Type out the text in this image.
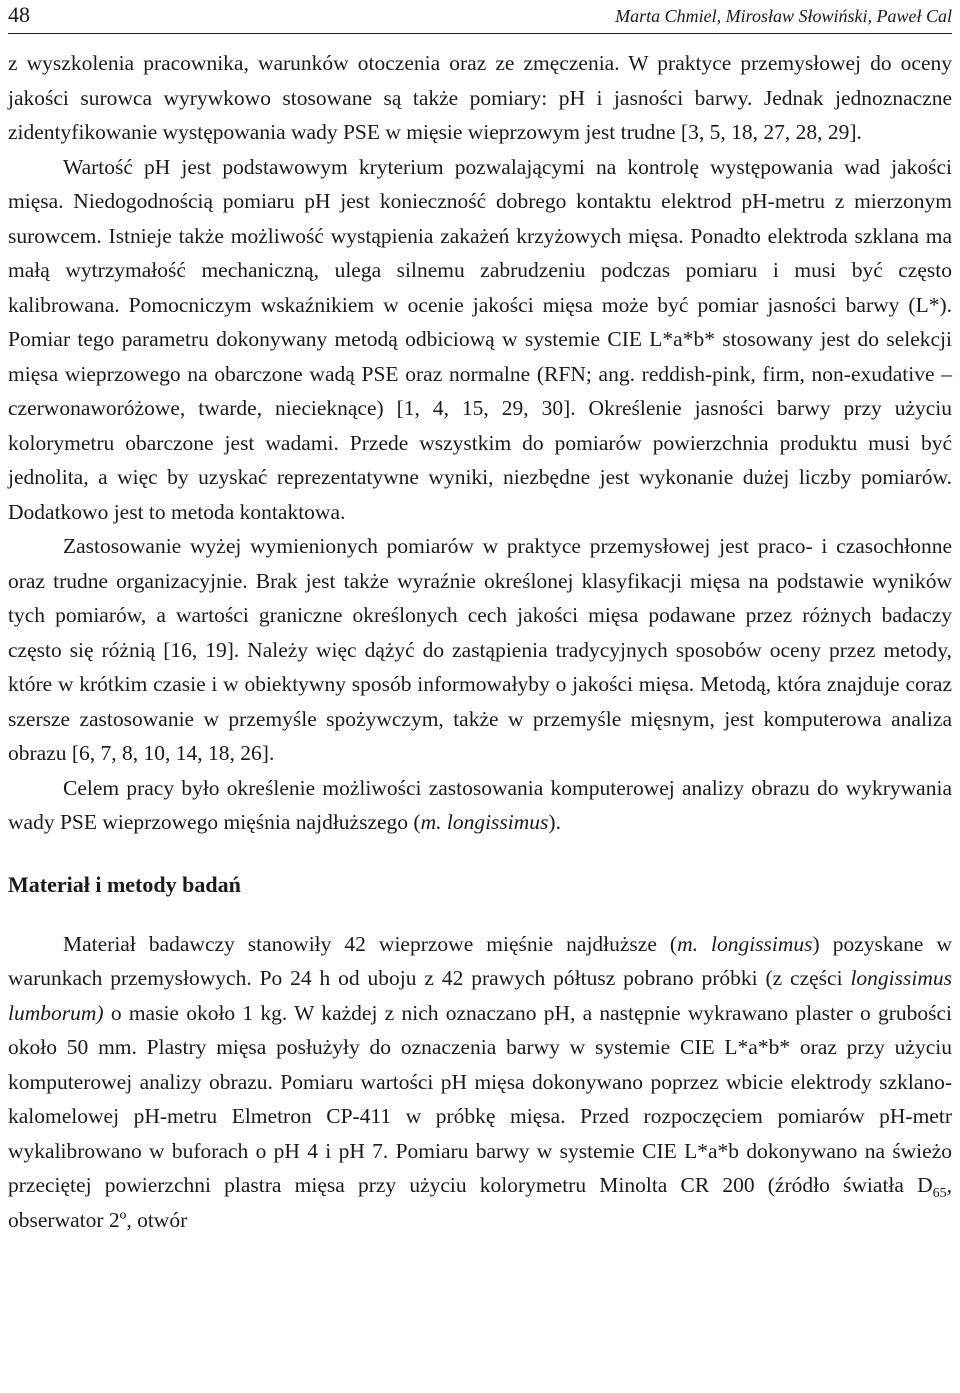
48	Marta Chmiel, Mirosław Słowiński, Paweł Cal

z wyszkolenia pracownika, warunków otoczenia oraz ze zmęczenia. W praktyce przemysłowej do oceny jakości surowca wyrywkowo stosowane są także pomiary: pH i jasności barwy. Jednak jednoznaczne zidentyfikowanie występowania wady PSE w mięsie wieprzowym jest trudne [3, 5, 18, 27, 28, 29].

Wartość pH jest podstawowym kryterium pozwalającymi na kontrolę występowania wad jakości mięsa. Niedogodnością pomiaru pH jest konieczność dobrego kontaktu elektrod pH-metru z mierzonym surowcem. Istnieje także możliwość wystąpienia zakażeń krzyżowych mięsa. Ponadto elektroda szklana ma małą wytrzymałość mechaniczną, ulega silnemu zabrudzeniu podczas pomiaru i musi być często kalibrowana. Pomocniczym wskaźnikiem w ocenie jakości mięsa może być pomiar jasności barwy (L*). Pomiar tego parametru dokonywany metodą odbiciową w systemie CIE L*a*b* stosowany jest do selekcji mięsa wieprzowego na obarczone wadą PSE oraz normalne (RFN; ang. reddish-pink, firm, non-exudative – czerwonaworóżowe, twarde, niecieknące) [1, 4, 15, 29, 30]. Określenie jasności barwy przy użyciu kolorymetru obarczone jest wadami. Przede wszystkim do pomiarów powierzchnia produktu musi być jednolita, a więc by uzyskać reprezentatywne wyniki, niezbędne jest wykonanie dużej liczby pomiarów. Dodatkowo jest to metoda kontaktowa.

Zastosowanie wyżej wymienionych pomiarów w praktyce przemysłowej jest praco- i czasochłonne oraz trudne organizacyjnie. Brak jest także wyraźnie określonej klasyfikacji mięsa na podstawie wyników tych pomiarów, a wartości graniczne określonych cech jakości mięsa podawane przez różnych badaczy często się różnią [16, 19]. Należy więc dążyć do zastąpienia tradycyjnych sposobów oceny przez metody, które w krótkim czasie i w obiektywny sposób informowałyby o jakości mięsa. Metodą, która znajduje coraz szersze zastosowanie w przemyśle spożywczym, także w przemyśle mięsnym, jest komputerowa analiza obrazu [6, 7, 8, 10, 14, 18, 26].

Celem pracy było określenie możliwości zastosowania komputerowej analizy obrazu do wykrywania wady PSE wieprzowego mięśnia najdłuższego (m. longissimus).

Materiał i metody badań

Materiał badawczy stanowiły 42 wieprzowe mięśnie najdłuższe (m. longissimus) pozyskane w warunkach przemysłowych. Po 24 h od uboju z 42 prawych półtusz pobrano próbki (z części longissimus lumborum) o masie około 1 kg. W każdej z nich oznaczano pH, a następnie wykrawano plaster o grubości około 50 mm. Plastry mięsa posłużyły do oznaczenia barwy w systemie CIE L*a*b* oraz przy użyciu komputerowej analizy obrazu. Pomiaru wartości pH mięsa dokonywano poprzez wbicie elektrody szklano-kalomelowej pH-metru Elmetron CP-411 w próbkę mięsa. Przed rozpoczęciem pomiarów pH-metr wykalibrowano w buforach o pH 4 i pH 7. Pomiaru barwy w systemie CIE L*a*b dokonywano na świeżo przeciętej powierzchni plastra mięsa przy użyciu kolorymetru Minolta CR 200 (źródło światła $D_{65}$, obserwator 2º, otwór
